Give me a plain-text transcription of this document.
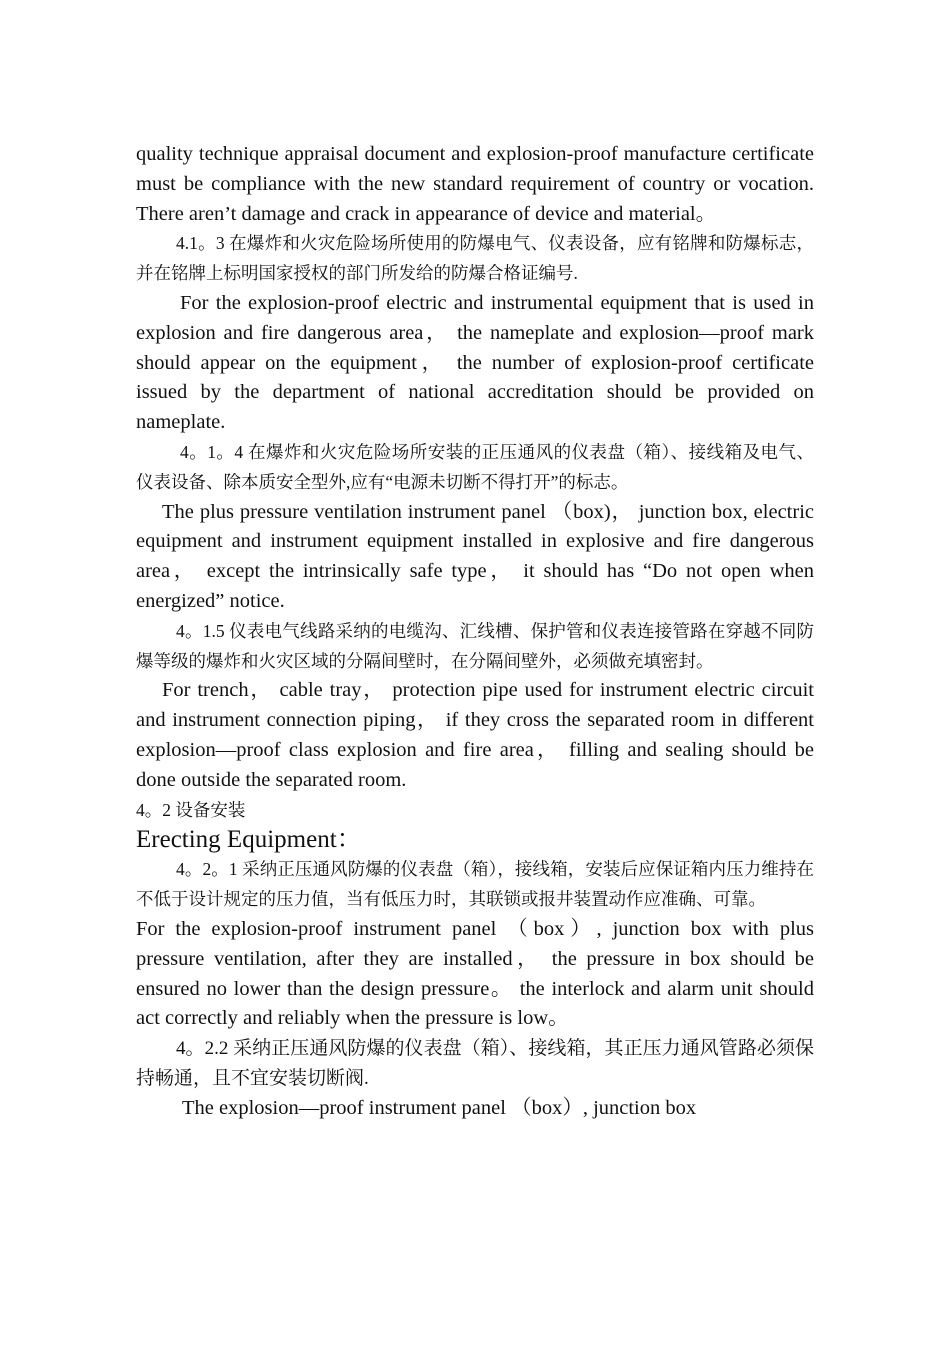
quality technique appraisal document and explosion-proof manufacture certificate must be compliance with the new standard requirement of country or vocation. There aren’t damage and crack in appearance of device and material。

4.1。3 在爆炸和火灾危险场所使用的防爆电气、仪表设备，应有铭牌和防爆标志，并在铭牌上标明国家授权的部门所发给的防爆合格证编号.

For the explosion-proof electric and instrumental equipment that is used in explosion and fire dangerous area， the nameplate and explosion—proof mark should appear on the equipment， the number of explosion-proof certificate issued by the department of national accreditation should be provided on nameplate.

4。1。4 在爆炸和火灾危险场所安装的正压通风的仪表盘（箱）、接线箱及电气、仪表设备、除本质安全型外,应有“电源未切断不得打开”的标志。

The plus pressure ventilation instrument panel （box)， junction box, electric equipment and instrument equipment installed in explosive and fire dangerous area， except the intrinsically safe type， it should has “Do not open when energized” notice.

4。1.5 仪表电气线路采纳的电缆沟、汇线槽、保护管和仪表连接管路在穿越不同防爆等级的爆炸和火灾区域的分隔间壁时，在分隔间壁外，必须做充填密封。

For trench， cable tray， protection pipe used for instrument electric circuit and instrument connection piping， if they cross the separated room in different explosion—proof class explosion and fire area， filling and sealing should be done outside the separated room.

4。2 设备安装

Erecting Equipment：

4。2。1 采纳正压通风防爆的仪表盘（箱），接线箱，安装后应保证箱内压力维持在不低于设计规定的压力值，当有低压力时，其联锁或报井装置动作应准确、可靠。

For the explosion-proof instrument panel （box）, junction box with plus pressure ventilation, after they are installed， the pressure in box should be ensured no lower than the design pressure。 the interlock and alarm unit should act correctly and reliably when the pressure is low。

4。2.2 采纳正压通风防爆的仪表盘（箱）、接线箱，其正压力通风管路必须保持畅通，且不宜安装切断阀.

The explosion—proof instrument panel （box）, junction box
